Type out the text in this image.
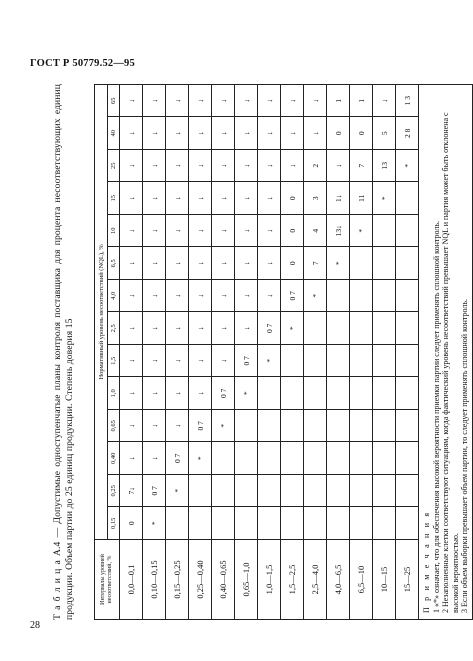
ГОСТ Р 50779.52—95

Т а б л и ц а А.4 — Допустимые одноступенчатые планы контроля поставщика для процента несоответствующих единиц продукции. Объем партии до 25 единиц продукции. Степень доверия 15	Интервалы уровней несоответствий, %	Нормативный уровень несоответствий (NQL), %													
	0,15	0,25	0,40	0,65	1,0	1,5	2,5	4,0	6,5	10	15	25	40	65
0,0—0,1	0	7↓	↓	↓	↓	↓	↓	↓	↓	↓	↓	↓	↓	↓
0,10—0,15	*	0 7	↓	↓	↓	↓	↓	↓	↓	↓	↓	↓	↓	↓
0,15—0,25		*	0 7	↓	↓	↓	↓	↓	↓	↓	↓	↓	↓	↓
0,25—0,40			*	0 7	↓	↓	↓	↓	↓	↓	↓	↓	↓	↓
0,40—0,65				*	0 7	↓	↓	↓	↓	↓	↓	↓	↓	↓
0,65—1,0					*	0 7	↓	↓	↓	↓	↓	↓	↓	↓
1,0—1,5						*	0 7	↓	↓	↓	↓	↓	↓	↓
1,5—2,5							*	0 7	0	0	0	↓	↓	↓
2,5—4,0								*	7	4	3	2	↓	↓
4,0—6,5									*	13↓	1↓	↓	0	1
6,5—10										*	11	7	0	1
10—15											*	13	5	↓
15—25												*	2 8	1 3
П р и м е ч а н и я 1 «*» означает, что для обеспечения высокой вероятности приемки партии следует применять сплошной контроль. 2 Незаполненные клетки соответствуют ситуациям, когда фактический уровень несоответствий превышает NQL и партия может быть отклонена с высокой вероятностью. 3 Если объем выборки превышает объем партии, то следует применять сплошной контроль.
28
